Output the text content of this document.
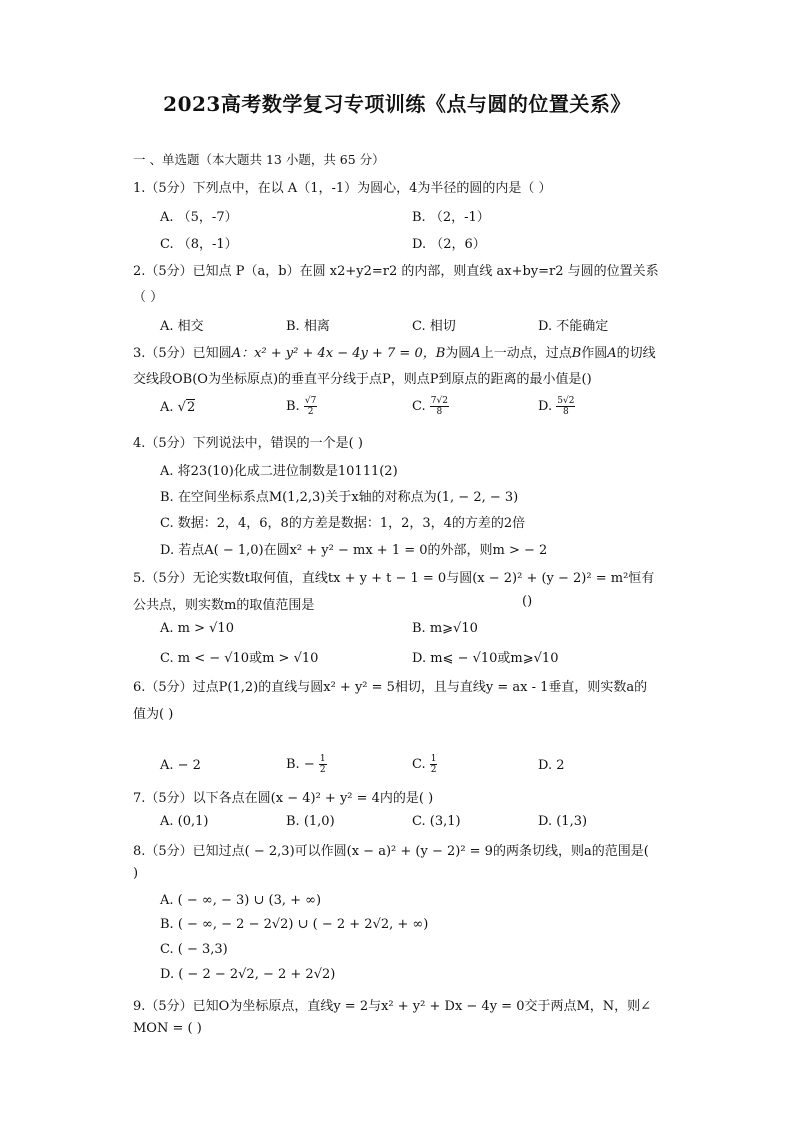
2023高考数学复习专项训练《点与圆的位置关系》
一 、单选题（本大题共 13 小题，共 65 分）
1.（5分）下列点中，在以 A（1，-1）为圆心，4为半径的圆的内是（ ）
A. （5，-7）	B. （2，-1）
C. （8，-1）	D. （2，6）
2.（5分）已知点 P（a，b）在圆 x2+y2=r2 的内部，则直线 ax+by=r2 与圆的位置关系
（ ）
A. 相交	B. 相离	C. 相切	D. 不能确定
3.（5分）已知圆A：x² + y² + 4x − 4y + 7 = 0，B为圆A上一动点，过点B作圆A的切线
交线段OB(O为坐标原点)的垂直平分线于点P，则点P到原点的距离的最小值是()
A. √2	B. $\frac{√7}{2}$	C. $\frac{7√2}{8}$	D. $\frac{5√2}{8}$
4.（5分）下列说法中，错误的一个是( )
A. 将23(10)化成二进位制数是10111(2)
B. 在空间坐标系点M(1,2,3)关于x轴的对称点为(1, − 2, − 3)
C. 数据：2，4，6，8的方差是数据：1，2，3，4的方差的2倍
D. 若点A( − 1,0)在圆x² + y² − mx + 1 = 0的外部，则m > − 2
5.（5分）无论实数t取何值，直线tx + y + t − 1 = 0与圆(x − 2)² + (y − 2)² = m²恒有
公共点，则实数m的取值范围是	()
A. m > √10	B. m⩾√10
C. m < − √10或m > √10	D. m⩽ − √10或m⩾√10
6.（5分）过点P(1,2)的直线与圆x² + y² = 5相切，且与直线y = ax - 1垂直，则实数a的
值为( )
A. − 2	B. − $\frac{1}{2}$	C. $\frac{1}{2}$	D. 2
7.（5分）以下各点在圆(x − 4)² + y² = 4内的是( )
A. (0,1)	B. (1,0)	C. (3,1)	D. (1,3)
8.（5分）已知过点( − 2,3)可以作圆(x − a)² + (y − 2)² = 9的两条切线，则a的范围是(
)
A. ( − ∞, − 3) ∪ (3, + ∞)
B. ( − ∞, − 2 − 2√2) ∪ ( − 2 + 2√2, + ∞)
C. ( − 3,3)
D. ( − 2 − 2√2, − 2 + 2√2)
9.（5分）已知O为坐标原点，直线y = 2与x² + y² + Dx − 4y = 0交于两点M，N，则∠
MON = ( )
